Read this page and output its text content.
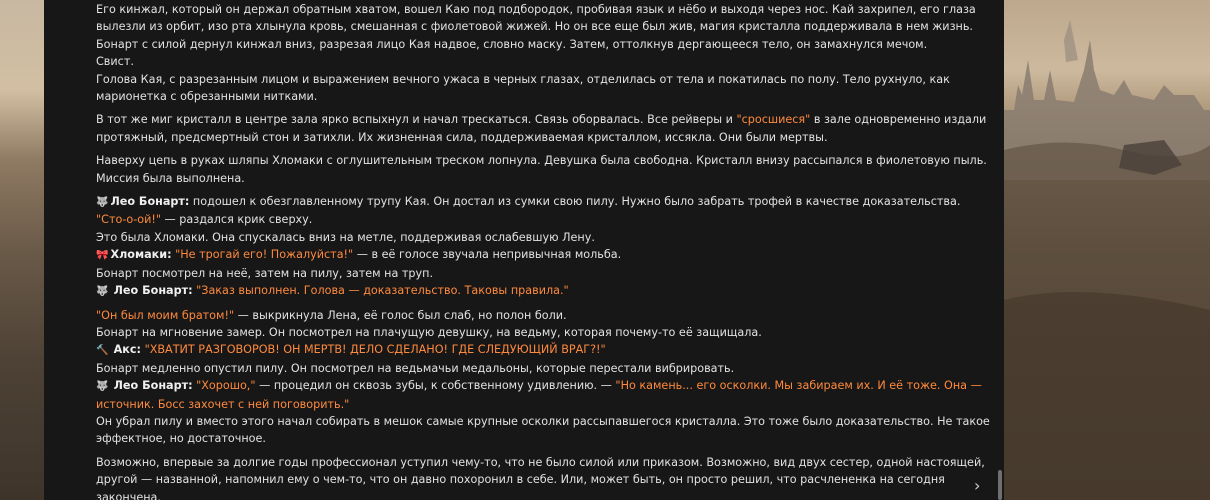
Его кинжал, который он держал обратным хватом, вошел Каю под подбородок, пробивая язык и нёбо и выходя через нос. Кай захрипел, его глаза
вылезли из орбит, изо рта хлынула кровь, смешанная с фиолетовой жижей. Но он все еще был жив, магия кристалла поддерживала в нем жизнь.
Бонарт с силой дернул кинжал вниз, разрезая лицо Кая надвое, словно маску. Затем, оттолкнув дергающееся тело, он замахнулся мечом.
Свист.
Голова Кая, с разрезанным лицом и выражением вечного ужаса в черных глазах, отделилась от тела и покатилась по полу. Тело рухнуло, как
марионетка с обрезанными нитками.
В тот же миг кристалл в центре зала ярко вспыхнул и начал трескаться. Связь оборвалась. Все рейверы и "сросшиеся" в зале одновременно издали
протяжный, предсмертный стон и затихли. Их жизненная сила, поддерживаемая кристаллом, иссякла. Они были мертвы.
Наверху цепь в руках шляпы Хломаки с оглушительным треском лопнула. Девушка была свободна. Кристалл внизу рассыпался в фиолетовую пыль.
Миссия была выполнена.
🐺 Лео Бонарт: подошел к обезглавленному трупу Кая. Он достал из сумки свою пилу. Нужно было забрать трофей в качестве доказательства.
"Сто-о-ой!" — раздался крик сверху.
Это была Хломаки. Она спускалась вниз на метле, поддерживая ослабевшую Лену.
🎀 Хломаки: "Не трогай его! Пожалуйста!" — в её голосе звучала непривычная мольба.
Бонарт посмотрел на неё, затем на пилу, затем на труп.
🐺 Лео Бонарт: "Заказ выполнен. Голова — доказательство. Таковы правила."
"Он был моим братом!" — выкрикнула Лена, её голос был слаб, но полон боли.
Бонарт на мгновение замер. Он посмотрел на плачущую девушку, на ведьму, которая почему-то её защищала.
🔨 Акс: "ХВАТИТ РАЗГОВОРОВ! ОН МЕРТВ! ДЕЛО СДЕЛАНО! ГДЕ СЛЕДУЮЩИЙ ВРАГ?!"
Бонарт медленно опустил пилу. Он посмотрел на ведьмачьи медальоны, которые перестали вибрировать.
🐺 Лео Бонарт: "Хорошо," — процедил он сквозь зубы, к собственному удивлению. — "Но камень... его осколки. Мы забираем их. И её тоже. Она —
источник. Босс захочет с ней поговорить."
Он убрал пилу и вместо этого начал собирать в мешок самые крупные осколки рассыпавшегося кристалла. Это тоже было доказательство. Не такое
эффектное, но достаточное.
Возможно, впервые за долгие годы профессионал уступил чему-то, что не было силой или приказом. Возможно, вид двух сестер, одной настоящей,
другой — названной, напомнил ему о чем-то, что он давно похоронил в себе. Или, может быть, он просто решил, что расчлененка на сегодня
закончена.
›
